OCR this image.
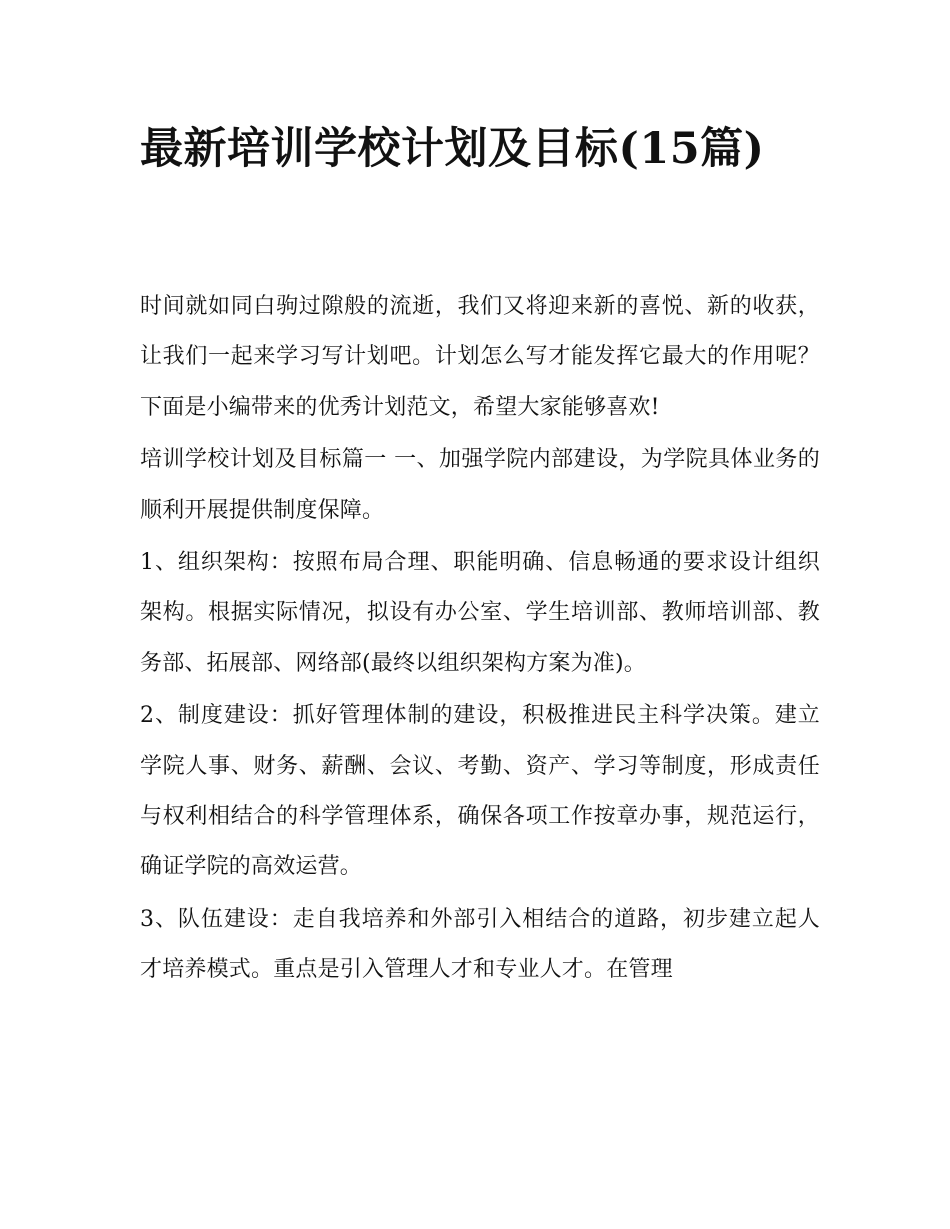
最新培训学校计划及目标(15篇)

时间就如同白驹过隙般的流逝，我们又将迎来新的喜悦、新的收获，让我们一起来学习写计划吧。计划怎么写才能发挥它最大的作用呢？下面是小编带来的优秀计划范文，希望大家能够喜欢!

培训学校计划及目标篇一 一、加强学院内部建设，为学院具体业务的顺利开展提供制度保障。

1、组织架构：按照布局合理、职能明确、信息畅通的要求设计组织架构。根据实际情况，拟设有办公室、学生培训部、教师培训部、教务部、拓展部、网络部(最终以组织架构方案为准)。

2、制度建设：抓好管理体制的建设，积极推进民主科学决策。建立学院人事、财务、薪酬、会议、考勤、资产、学习等制度，形成责任与权利相结合的科学管理体系，确保各项工作按章办事，规范运行，确证学院的高效运营。

3、队伍建设：走自我培养和外部引入相结合的道路，初步建立起人才培养模式。重点是引入管理人才和专业人才。在管理
